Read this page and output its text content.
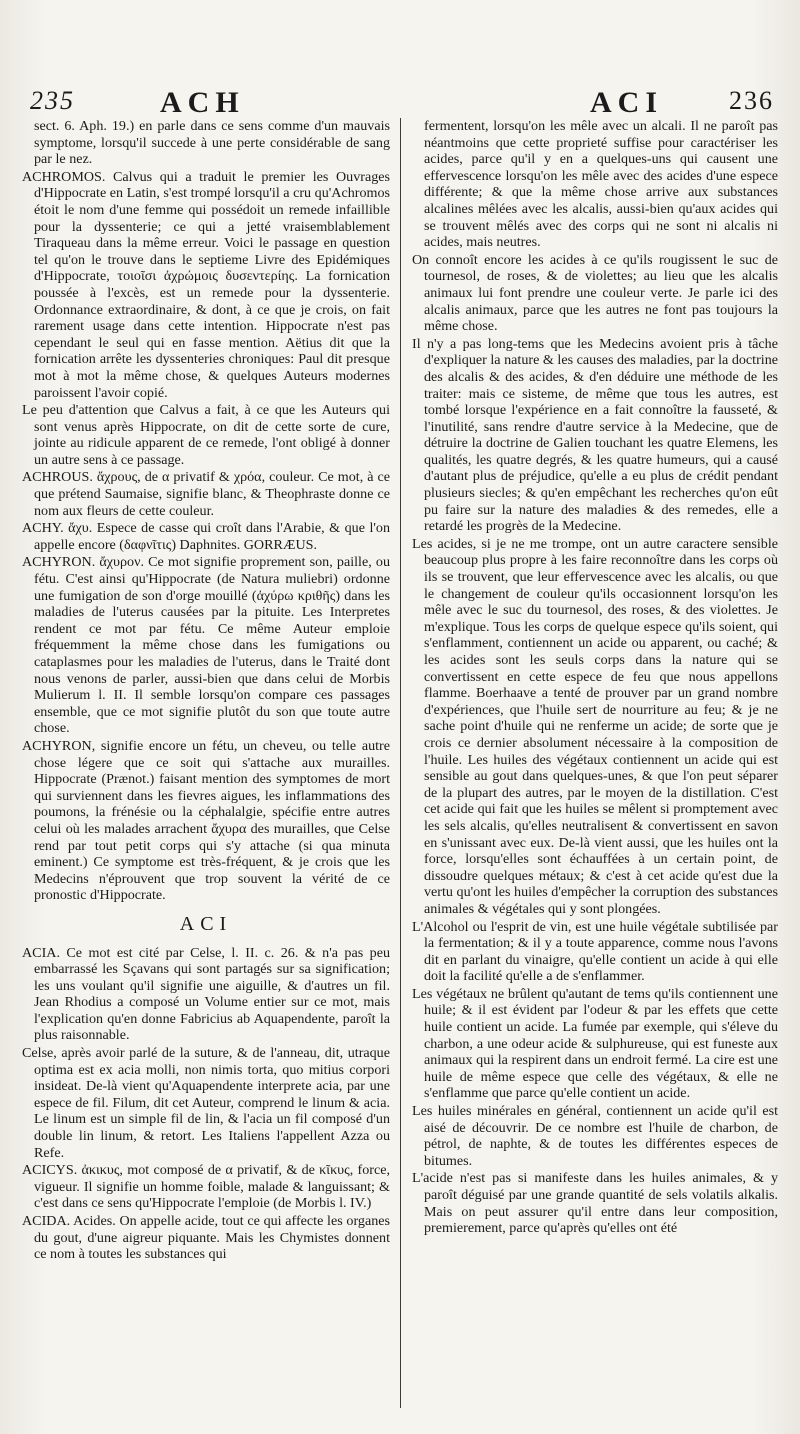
235	ACH	ACI	236

sect. 6. Aph. 19.) en parle dans ce sens comme d'un mauvais symptome, lorsqu'il succede à une perte considérable de sang par le nez.

ACHROMOS. Calvus qui a traduit le premier les Ouvrages d'Hippocrate en Latin, s'est trompé lorsqu'il a cru qu'Achromos étoit le nom d'une femme qui possédoit un remede infaillible pour la dyssenterie; ce qui a jetté vraisemblablement Tiraqueau dans la même erreur. Voici le passage en question tel qu'on le trouve dans le septieme Livre des Epidémiques d'Hippocrate, τοιοῖσι ἀχρώμοις δυσεντερίης. La fornication poussée à l'excès, est un remede pour la dyssenterie. Ordonnance extraordinaire, & dont, à ce que je crois, on fait rarement usage dans cette intention. Hippocrate n'est pas cependant le seul qui en fasse mention. Aëtius dit que la fornication arrête les dyssenteries chroniques: Paul dit presque mot à mot la même chose, & quelques Auteurs modernes paroissent l'avoir copié.

Le peu d'attention que Calvus a fait, à ce que les Auteurs qui sont venus après Hippocrate, on dit de cette sorte de cure, jointe au ridicule apparent de ce remede, l'ont obligé à donner un autre sens à ce passage.

ACHROUS. ἄχρους, de α privatif & χρόα, couleur. Ce mot, à ce que prétend Saumaise, signifie blanc, & Theophraste donne ce nom aux fleurs de cette couleur.

ACHY. ἄχυ. Espece de casse qui croît dans l'Arabie, & que l'on appelle encore (δαφνῖτις) Daphnites. GORRÆUS.

ACHYRON. ἄχυρον. Ce mot signifie proprement son, paille, ou fétu. C'est ainsi qu'Hippocrate (de Natura muliebri) ordonne une fumigation de son d'orge mouillé (ἀχύρω κριθῆς) dans les maladies de l'uterus causées par la pituite. Les Interpretes rendent ce mot par fétu. Ce même Auteur emploie fréquemment la même chose dans les fumigations ou cataplasmes pour les maladies de l'uterus, dans le Traité dont nous venons de parler, aussi-bien que dans celui de Morbis Mulierum l. II. Il semble lorsqu'on compare ces passages ensemble, que ce mot signifie plutôt du son que toute autre chose.

ACHYRON, signifie encore un fétu, un cheveu, ou telle autre chose légere que ce soit qui s'attache aux murailles. Hippocrate (Prænot.) faisant mention des symptomes de mort qui surviennent dans les fievres aigues, les inflammations des poumons, la frénésie ou la céphalalgie, spécifie entre autres celui où les malades arrachent ἄχυρα des murailles, que Celse rend par tout petit corps qui s'y attache (si qua minuta eminent.) Ce symptome est très-fréquent, & je crois que les Medecins n'éprouvent que trop souvent la vérité de ce pronostic d'Hippocrate.

ACI

ACIA. Ce mot est cité par Celse, l. II. c. 26. & n'a pas peu embarrassé les Sçavans qui sont partagés sur sa signification; les uns voulant qu'il signifie une aiguille, & d'autres un fil. Jean Rhodius a composé un Volume entier sur ce mot, mais l'explication qu'en donne Fabricius ab Aquapendente, paroît la plus raisonnable.

Celse, après avoir parlé de la suture, & de l'anneau, dit, utraque optima est ex acia molli, non nimis torta, quo mitius corpori insideat. De-là vient qu'Aquapendente interprete acia, par une espece de fil. Filum, dit cet Auteur, comprend le linum & acia. Le linum est un simple fil de lin, & l'acia un fil composé d'un double lin linum, & retort. Les Italiens l'appellent Azza ou Refe.

ACICYS. ἀκικυς, mot composé de α privatif, & de κῖκυς, force, vigueur. Il signifie un homme foible, malade & languissant; & c'est dans ce sens qu'Hippocrate l'emploie (de Morbis l. IV.)

ACIDA. Acides. On appelle acide, tout ce qui affecte les organes du gout, d'une aigreur piquante. Mais les Chymistes donnent ce nom à toutes les substances qui

fermentent, lorsqu'on les mêle avec un alcali. Il ne paroît pas néantmoins que cette proprieté suffise pour caractériser les acides, parce qu'il y en a quelques-uns qui causent une effervescence lorsqu'on les mêle avec des acides d'une espece différente; & que la même chose arrive aux substances alcalines mêlées avec les alcalis, aussi-bien qu'aux acides qui se trouvent mêlés avec des corps qui ne sont ni alcalis ni acides, mais neutres.

On connoît encore les acides à ce qu'ils rougissent le suc de tournesol, de roses, & de violettes; au lieu que les alcalis animaux lui font prendre une couleur verte. Je parle ici des alcalis animaux, parce que les autres ne font pas toujours la même chose.

Il n'y a pas long-tems que les Medecins avoient pris à tâche d'expliquer la nature & les causes des maladies, par la doctrine des alcalis & des acides, & d'en déduire une méthode de les traiter: mais ce sisteme, de même que tous les autres, est tombé lorsque l'expérience en a fait connoître la fausseté, & l'inutilité, sans rendre d'autre service à la Medecine, que de détruire la doctrine de Galien touchant les quatre Elemens, les qualités, les quatre degrés, & les quatre humeurs, qui a causé d'autant plus de préjudice, qu'elle a eu plus de crédit pendant plusieurs siecles; & qu'en empêchant les recherches qu'on eût pu faire sur la nature des maladies & des remedes, elle a retardé les progrès de la Medecine.

Les acides, si je ne me trompe, ont un autre caractere sensible beaucoup plus propre à les faire reconnoître dans les corps où ils se trouvent, que leur effervescence avec les alcalis, ou que le changement de couleur qu'ils occasionnent lorsqu'on les mêle avec le suc du tournesol, des roses, & des violettes. Je m'explique. Tous les corps de quelque espece qu'ils soient, qui s'enflamment, contiennent un acide ou apparent, ou caché; & les acides sont les seuls corps dans la nature qui se convertissent en cette espece de feu que nous appellons flamme. Boerhaave a tenté de prouver par un grand nombre d'expériences, que l'huile sert de nourriture au feu; & je ne sache point d'huile qui ne renferme un acide; de sorte que je crois ce dernier absolument nécessaire à la composition de l'huile. Les huiles des végétaux contiennent un acide qui est sensible au gout dans quelques-unes, & que l'on peut séparer de la plupart des autres, par le moyen de la distillation. C'est cet acide qui fait que les huiles se mêlent si promptement avec les sels alcalis, qu'elles neutralisent & convertissent en savon en s'unissant avec eux. De-là vient aussi, que les huiles ont la force, lorsqu'elles sont échauffées à un certain point, de dissoudre quelques métaux; & c'est à cet acide qu'est due la vertu qu'ont les huiles d'empêcher la corruption des substances animales & végétales qui y sont plongées.

L'Alcohol ou l'esprit de vin, est une huile végétale subtilisée par la fermentation; & il y a toute apparence, comme nous l'avons dit en parlant du vinaigre, qu'elle contient un acide à qui elle doit la facilité qu'elle a de s'enflammer.

Les végétaux ne brûlent qu'autant de tems qu'ils contiennent une huile; & il est évident par l'odeur & par les effets que cette huile contient un acide. La fumée par exemple, qui s'éleve du charbon, a une odeur acide & sulphureuse, qui est funeste aux animaux qui la respirent dans un endroit fermé. La cire est une huile de même espece que celle des végétaux, & elle ne s'enflamme que parce qu'elle contient un acide.

Les huiles minérales en général, contiennent un acide qu'il est aisé de découvrir. De ce nombre est l'huile de charbon, de pétrol, de naphte, & de toutes les différentes especes de bitumes.

L'acide n'est pas si manifeste dans les huiles animales, & y paroît déguisé par une grande quantité de sels volatils alkalis. Mais on peut assurer qu'il entre dans leur composition, premierement, parce qu'après qu'elles ont été
